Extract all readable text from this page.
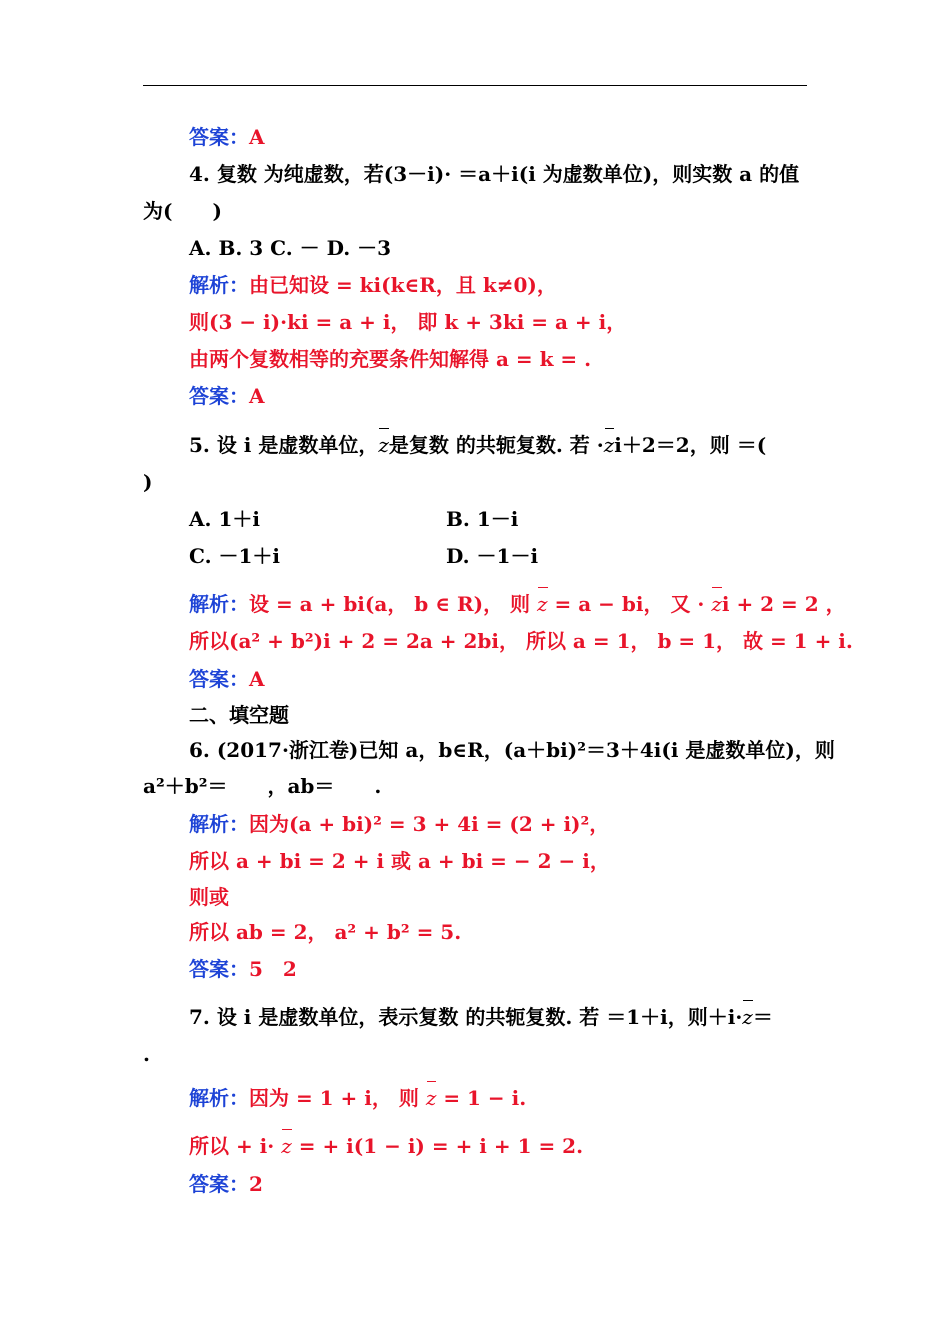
答案：A
4. 复数 为纯虚数，若(3－i)· ＝a＋i(i 为虚数单位)，则实数 a 的值
为(　　)
A. B. 3 C. － D. －3
解析：由已知设 = ki(k∈R，且 k≠0)，
则(3 − i)·ki = a + i， 即 k + 3ki = a + i，
由两个复数相等的充要条件知解得 a = k = .
答案：A
5. 设 i 是虚数单位，z是复数 的共轭复数. 若 ·zi＋2＝2，则 ＝(
)
A. 1＋i	B. 1－i
C. －1＋i	D. －1－i
解析：设 = a + bi(a， b ∈ R)， 则 z = a − bi， 又 · zi + 2 = 2 ，
所以(a² + b²)i + 2 = 2a + 2bi， 所以 a = 1， b = 1， 故 = 1 + i.
答案：A
二、填空题
6. (2017·浙江卷)已知 a，b∈R，(a＋bi)²＝3＋4i(i 是虚数单位)，则
a²＋b²＝　　，ab＝　　.
解析：因为(a + bi)² = 3 + 4i = (2 + i)²，
所以 a + bi = 2 + i 或 a + bi = − 2 − i，
则或
所以 ab = 2， a² + b² = 5.
答案：5　2
7. 设 i 是虚数单位，表示复数 的共轭复数. 若 ＝1＋i，则＋i·z＝
.
解析：因为 = 1 + i， 则 z = 1 − i.
所以 + i· z = + i(1 − i) = + i + 1 = 2.
答案：2
